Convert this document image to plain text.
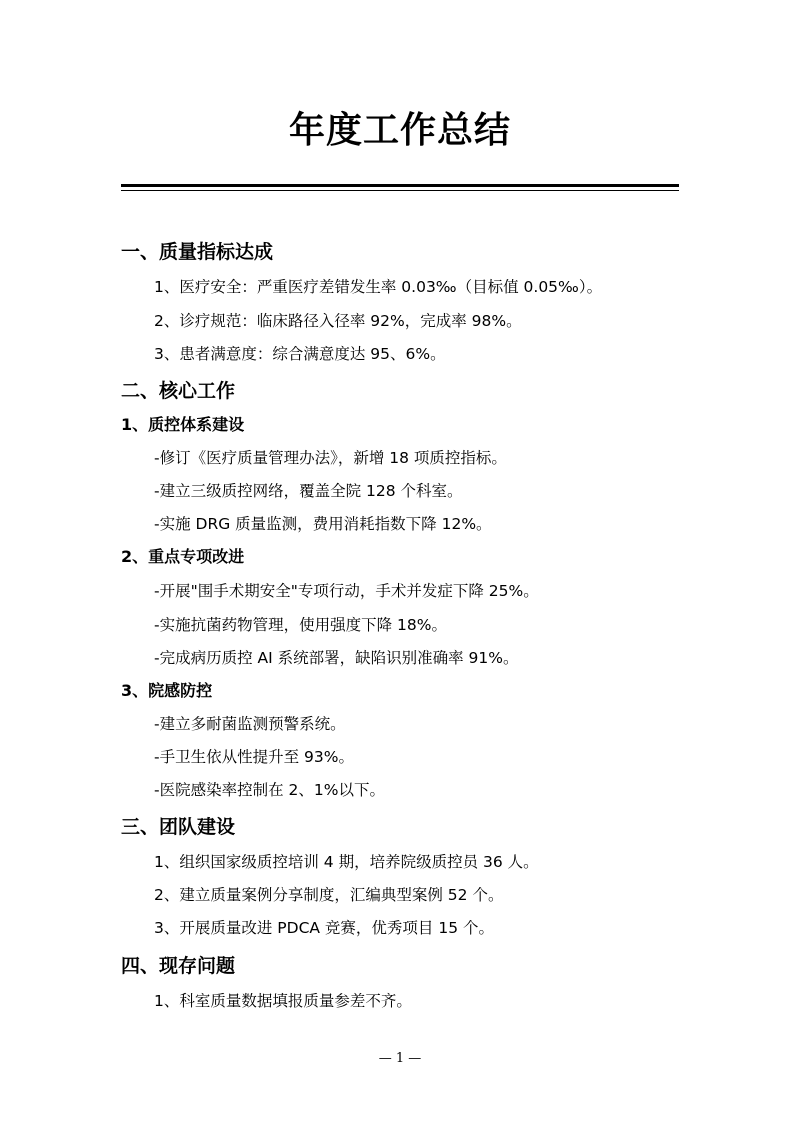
年度工作总结
一、质量指标达成
1、医疗安全：严重医疗差错发生率 0.03‰（目标值 0.05‰）。
2、诊疗规范：临床路径入径率 92%，完成率 98%。
3、患者满意度：综合满意度达 95、6%。
二、核心工作
1、质控体系建设
-修订《医疗质量管理办法》，新增 18 项质控指标。
-建立三级质控网络，覆盖全院 128 个科室。
-实施 DRG 质量监测，费用消耗指数下降 12%。
2、重点专项改进
-开展"围手术期安全"专项行动，手术并发症下降 25%。
-实施抗菌药物管理，使用强度下降 18%。
-完成病历质控 AI 系统部署，缺陷识别准确率 91%。
3、院感防控
-建立多耐菌监测预警系统。
-手卫生依从性提升至 93%。
-医院感染率控制在 2、1%以下。
三、团队建设
1、组织国家级质控培训 4 期，培养院级质控员 36 人。
2、建立质量案例分享制度，汇编典型案例 52 个。
3、开展质量改进 PDCA 竞赛，优秀项目 15 个。
四、现存问题
1、科室质量数据填报质量参差不齐。
— 1 —
